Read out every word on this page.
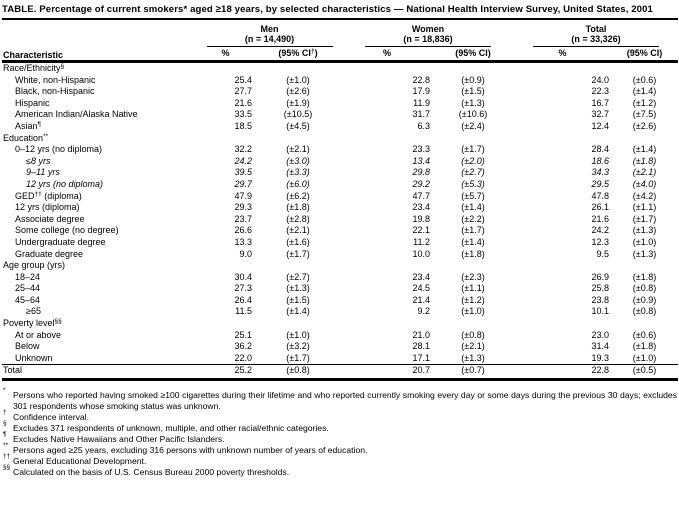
TABLE. Percentage of current smokers* aged ≥18 years, by selected characteristics — National Health Interview Survey, United States, 2001
Characteristic	
Men
(n = 14,490)

Women
(n = 18,836)

Total
(n = 33,326)

	%	(95% CI†)	%	(95% CI)	%	(95% CI)
Race/Ethnicity§
White, non-Hispanic	25.4	(±1.0)	22.8	(±0.9)	24.0	(±0.6)
Black, non-Hispanic	27.7	(±2.6)	17.9	(±1.5)	22.3	(±1.4)
Hispanic	21.6	(±1.9)	11.9	(±1.3)	16.7	(±1.2)
American Indian/Alaska Native	33.5	(±10.5)	31.7	(±10.6)	32.7	(±7.5)
Asian¶	18.5	(±4.5)	6.3	(±2.4)	12.4	(±2.6)
Education**
0–12 yrs (no diploma)	32.2	(±2.1)	23.3	(±1.7)	28.4	(±1.4)
≤8 yrs	24.2	(±3.0)	13.4	(±2.0)	18.6	(±1.8)
9–11 yrs	39.5	(±3.3)	29.8	(±2.7)	34.3	(±2.1)
12 yrs (no diploma)	29.7	(±6.0)	29.2	(±5.3)	29.5	(±4.0)
GED†† (diploma)	47.9	(±6.2)	47.7	(±5.7)	47.8	(±4.2)
12 yrs (diploma)	29.3	(±1.8)	23.4	(±1.4)	26.1	(±1.1)
Associate degree	23.7	(±2.8)	19.8	(±2.2)	21.6	(±1.7)
Some college (no degree)	26.6	(±2.1)	22.1	(±1.7)	24.2	(±1.3)
Undergraduate degree	13.3	(±1.6)	11.2	(±1.4)	12.3	(±1.0)
Graduate degree	9.0	(±1.7)	10.0	(±1.8)	9.5	(±1.3)
Age group (yrs)						
18–24	30.4	(±2.7)	23.4	(±2.3)	26.9	(±1.8)
25–44	27.3	(±1.3)	24.5	(±1.1)	25.8	(±0.8)
45–64	26.4	(±1.5)	21.4	(±1.2)	23.8	(±0.9)
≥65	11.5	(±1.4)	9.2	(±1.0)	10.1	(±0.8)
Poverty level§§
At or above	25.1	(±1.0)	21.0	(±0.8)	23.0	(±0.6)
Below	36.2	(±3.2)	28.1	(±2.1)	31.4	(±1.8)
Unknown	22.0	(±1.7)	17.1	(±1.3)	19.3	(±1.0)
Total	25.2	(±0.8)	20.7	(±0.7)	22.8	(±0.5)
* Persons who reported having smoked ≥100 cigarettes during their lifetime and who reported currently smoking every day or some days during the previous 30 days; excludes 301 respondents whose smoking status was unknown.
† Confidence interval.
§ Excludes 371 respondents of unknown, multiple, and other racial/ethnic categories.
¶ Excludes Native Hawaiians and Other Pacific Islanders.
** Persons aged ≥25 years, excluding 316 persons with unknown number of years of education.
†† General Educational Development.
§§ Calculated on the basis of U.S. Census Bureau 2000 poverty thresholds.
